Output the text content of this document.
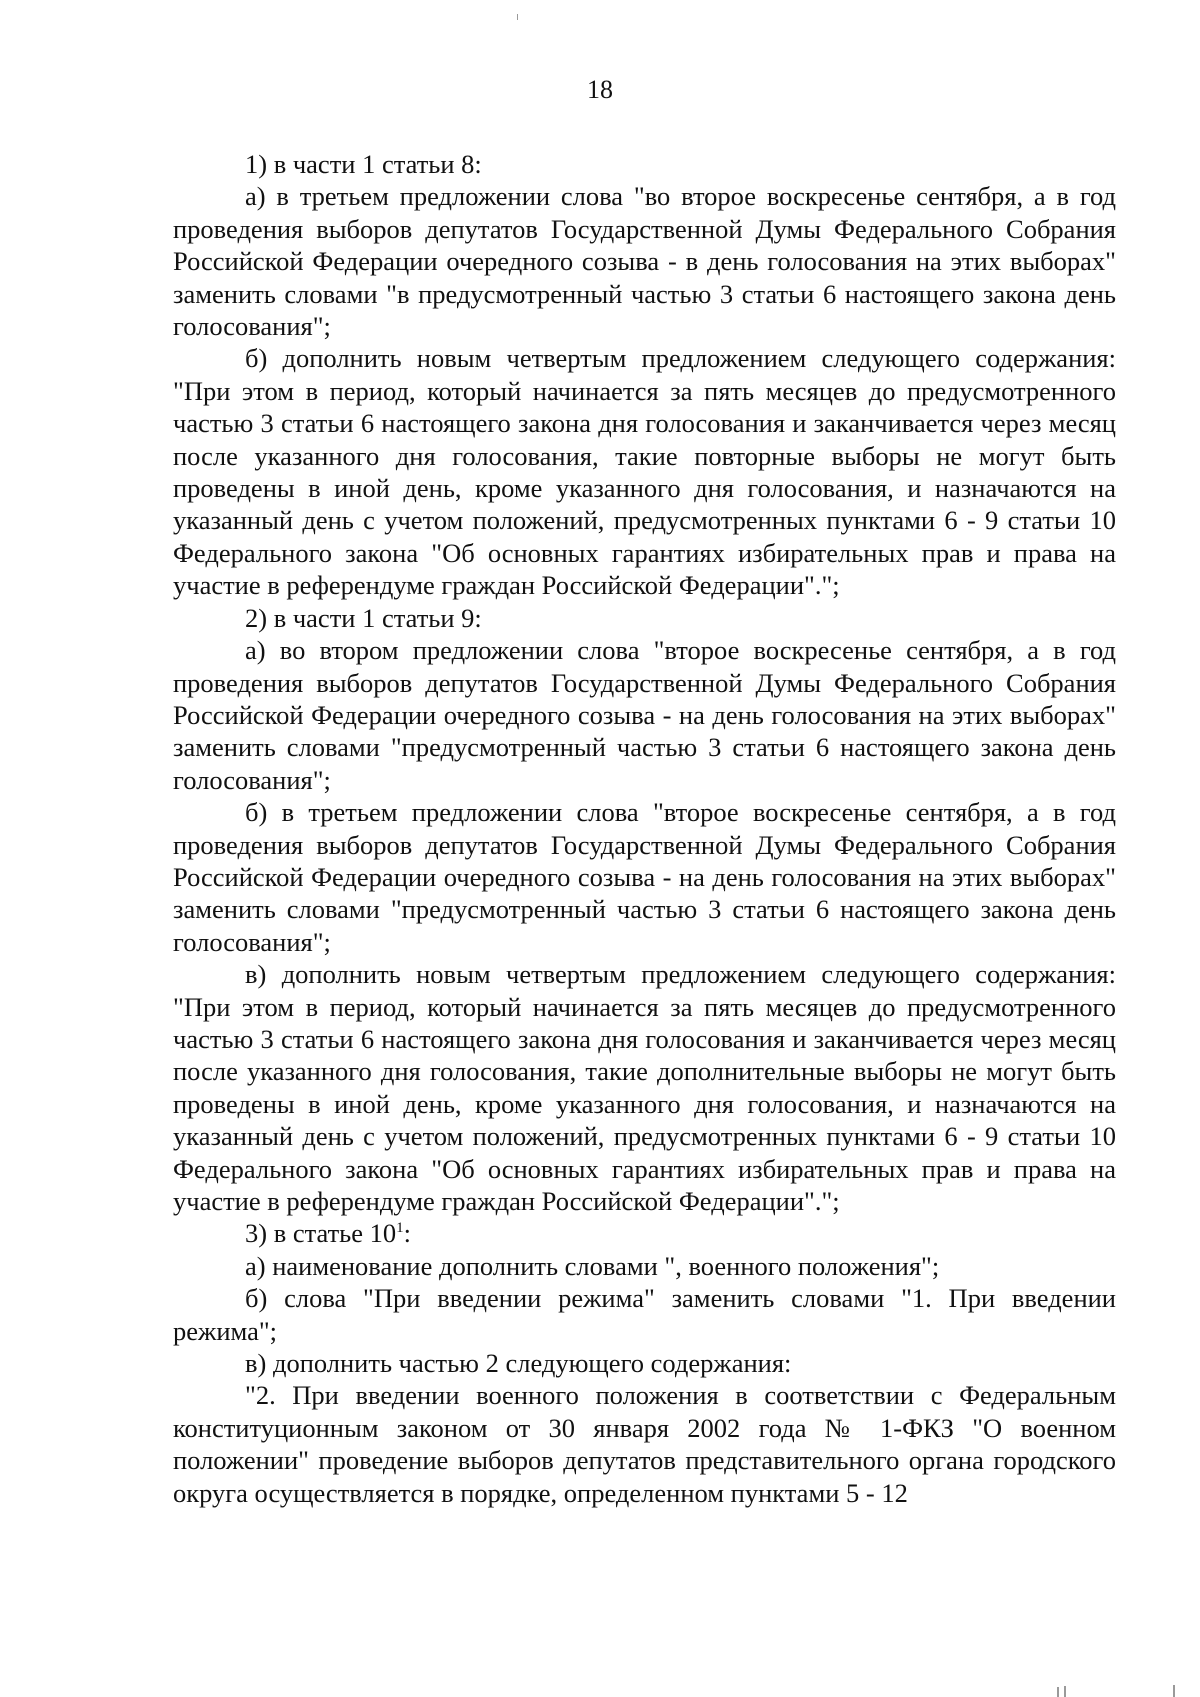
18

1) в части 1 статьи 8:

а) в третьем предложении слова "во второе воскресенье сентября, а в год проведения выборов депутатов Государственной Думы Федерального Собрания Российской Федерации очередного созыва - в день голосования на этих выборах" заменить словами "в предусмотренный частью 3 статьи 6 настоящего закона день голосования";

б) дополнить новым четвертым предложением следующего содержания: "При этом в период, который начинается за пять месяцев до предусмотренного частью 3 статьи 6 настоящего закона дня голосования и заканчивается через месяц после указанного дня голосования, такие повторные выборы не могут быть проведены в иной день, кроме указанного дня голосования, и назначаются на указанный день с учетом положений, предусмотренных пунктами 6 - 9 статьи 10 Федерального закона "Об основных гарантиях избирательных прав и права на участие в референдуме граждан Российской Федерации".";

2) в части 1 статьи 9:

а) во втором предложении слова "второе воскресенье сентября, а в год проведения выборов депутатов Государственной Думы Федерального Собрания Российской Федерации очередного созыва - на день голосования на этих выборах" заменить словами "предусмотренный частью 3 статьи 6 настоящего закона день голосования";

б) в третьем предложении слова "второе воскресенье сентября, а в год проведения выборов депутатов Государственной Думы Федерального Собрания Российской Федерации очередного созыва - на день голосования на этих выборах" заменить словами "предусмотренный частью 3 статьи 6 настоящего закона день голосования";

в) дополнить новым четвертым предложением следующего содержания: "При этом в период, который начинается за пять месяцев до предусмотренного частью 3 статьи 6 настоящего закона дня голосования и заканчивается через месяц после указанного дня голосования, такие дополнительные выборы не могут быть проведены в иной день, кроме указанного дня голосования, и назначаются на указанный день с учетом положений, предусмотренных пунктами 6 - 9 статьи 10 Федерального закона "Об основных гарантиях избирательных прав и права на участие в референдуме граждан Российской Федерации".";

3) в статье $10^1$:

а) наименование дополнить словами ", военного положения";

б) слова "При введении режима" заменить словами "1. При введении режима";

в) дополнить частью 2 следующего содержания:

"2. При введении военного положения в соответствии с Федеральным конституционным законом от 30 января 2002 года № 1-ФКЗ "О военном положении" проведение выборов депутатов представительного органа городского округа осуществляется в порядке, определенном пунктами 5 - 12
